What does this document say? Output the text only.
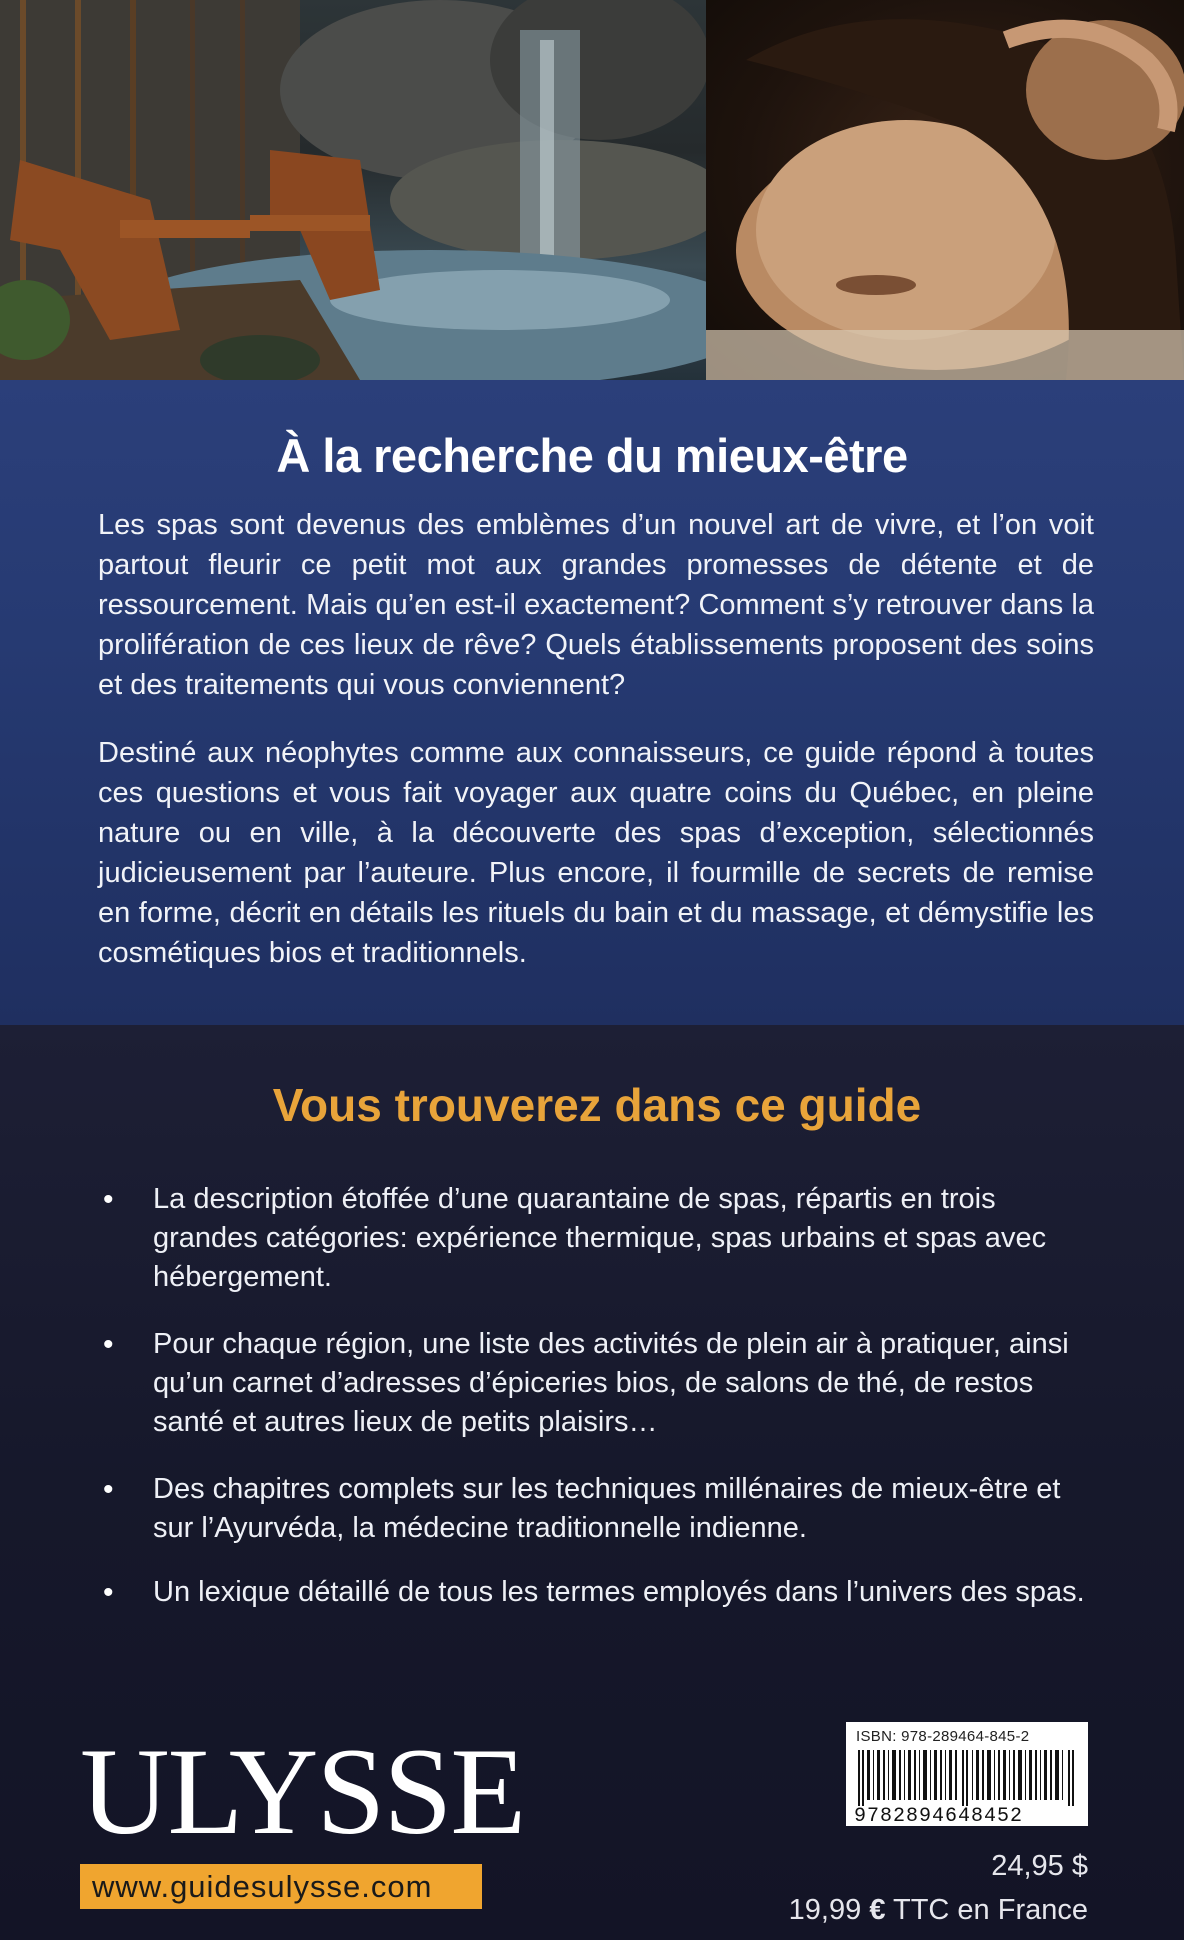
À la recherche du mieux-être

Les spas sont devenus des emblèmes d’un nouvel art de vivre, et l’on voit partout fleurir ce petit mot aux grandes promesses de détente et de ressourcement. Mais qu’en est-il exactement? Comment s’y retrouver dans la prolifération de ces lieux de rêve? Quels établissements proposent des soins et des traitements qui vous conviennent?

Destiné aux néophytes comme aux connaisseurs, ce guide répond à toutes ces questions et vous fait voyager aux quatre coins du Québec, en pleine nature ou en ville, à la découverte des spas d’exception, sélectionnés judicieusement par l’auteure. Plus encore, il fourmille de secrets de remise en forme, décrit en détails les rituels du bain et du massage, et démystifie les cosmétiques bios et traditionnels.

Vous trouverez dans ce guide
• La description étoffée d’une quarantaine de spas, répartis en trois grandes catégories: expérience thermique, spas urbains et spas avec hébergement.
• Pour chaque région, une liste des activités de plein air à pratiquer, ainsi qu’un carnet d’adresses d’épiceries bios, de salons de thé, de restos santé et autres lieux de petits plaisirs…
• Des chapitres complets sur les techniques millénaires de mieux-être et sur l’Ayurvéda, la médecine traditionnelle indienne.
• Un lexique détaillé de tous les termes employés dans l’univers des spas.
ULYSSE
www.guidesulysse.com
ISBN: 978-289464-845-2
9782894648452
24,95 $
19,99 € TTC en France
